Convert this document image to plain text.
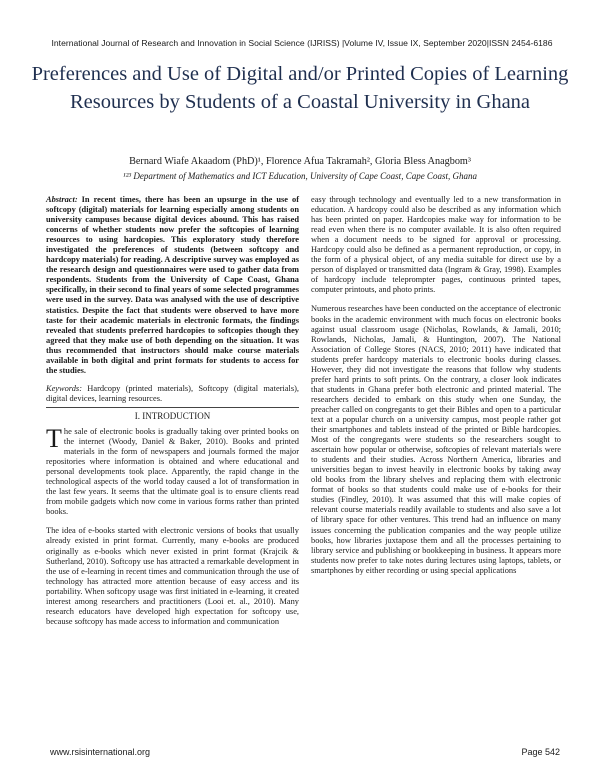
International Journal of Research and Innovation in Social Science (IJRISS) |Volume IV, Issue IX, September 2020|ISSN 2454-6186
Preferences and Use of Digital and/or Printed Copies of Learning Resources by Students of a Coastal University in Ghana
Bernard Wiafe Akaadom (PhD)¹, Florence Afua Takramah², Gloria Bless Anagbom³
¹²³ Department of Mathematics and ICT Education, University of Cape Coast, Cape Coast, Ghana

Abstract: In recent times, there has been an upsurge in the use of softcopy (digital) materials for learning especially among students on university campuses because digital devices abound. This has raised concerns of whether students now prefer the softcopies of learning resources to using hardcopies. This exploratory study therefore investigated the preferences of students (between softcopy and hardcopy materials) for reading. A descriptive survey was employed as the research design and questionnaires were used to gather data from respondents. Students from the University of Cape Coast, Ghana specifically, in their second to final years of some selected programmes were used in the survey. Data was analysed with the use of descriptive statistics. Despite the fact that students were observed to have more taste for their academic materials in electronic formats, the findings revealed that students preferred hardcopies to softcopies though they agreed that they make use of both depending on the situation. It was thus recommended that instructors should make course materials available in both digital and print formats for students to access for the studies.

Keywords: Hardcopy (printed materials), Softcopy (digital materials), digital devices, learning resources.

I. INTRODUCTION

The sale of electronic books is gradually taking over printed books on the internet (Woody, Daniel & Baker, 2010). Books and printed materials in the form of newspapers and journals formed the major repositories where information is obtained and where educational and personal developments took place. Apparently, the rapid change in the technological aspects of the world today caused a lot of transformation in the last few years. It seems that the ultimate goal is to ensure clients read from mobile gadgets which now come in various forms rather than printed books.

The idea of e-books started with electronic versions of books that usually already existed in print format. Currently, many e-books are produced originally as e-books which never existed in print format (Krajcik & Sutherland, 2010). Softcopy use has attracted a remarkable development in the use of e-learning in recent times and communication through the use of technology has attracted more attention because of easy access and its portability. When softcopy usage was first initiated in e-learning, it created interest among researchers and practitioners (Looi et. al., 2010). Many research educators have developed high expectation for softcopy use, because softcopy has made access to information and communication

easy through technology and eventually led to a new transformation in education. A hardcopy could also be described as any information which has been printed on paper. Hardcopies make way for information to be read even when there is no computer available. It is also often required when a document needs to be signed for approval or processing. Hardcopy could also be defined as a permanent reproduction, or copy, in the form of a physical object, of any media suitable for direct use by a person of displayed or transmitted data (Ingram & Gray, 1998). Examples of hardcopy include teleprompter pages, continuous printed tapes, computer printouts, and photo prints.

Numerous researches have been conducted on the acceptance of electronic books in the academic environment with much focus on electronic books against usual classroom usage (Nicholas, Rowlands, & Jamali, 2010; Rowlands, Nicholas, Jamali, & Huntington, 2007). The National Association of College Stores (NACS, 2010; 2011) have indicated that students prefer hardcopy materials to electronic books during classes. However, they did not investigate the reasons that follow why students prefer hard prints to soft prints. On the contrary, a closer look indicates that students in Ghana prefer both electronic and printed material. The researchers decided to embark on this study when one Sunday, the preacher called on congregants to get their Bibles and open to a particular text at a popular church on a university campus, most people rather got their smartphones and tablets instead of the printed or Bible hardcopies. Most of the congregants were students so the researchers sought to ascertain how popular or otherwise, softcopies of relevant materials were to students and their studies. Across Northern America, libraries and universities began to invest heavily in electronic books by taking away old books from the library shelves and replacing them with electronic format of books so that students could make use of e-books for their studies (Findley, 2010). It was assumed that this will make copies of relevant course materials readily available to students and also save a lot of library space for other ventures. This trend had an influence on many issues concerning the publication companies and the way people utilize books, how libraries juxtapose them and all the processes pertaining to library service and publishing or bookkeeping in business. It appears more students now prefer to take notes during lectures using laptops, tablets, or smartphones by either recording or using special applications

www.rsisinternational.org	Page 542
